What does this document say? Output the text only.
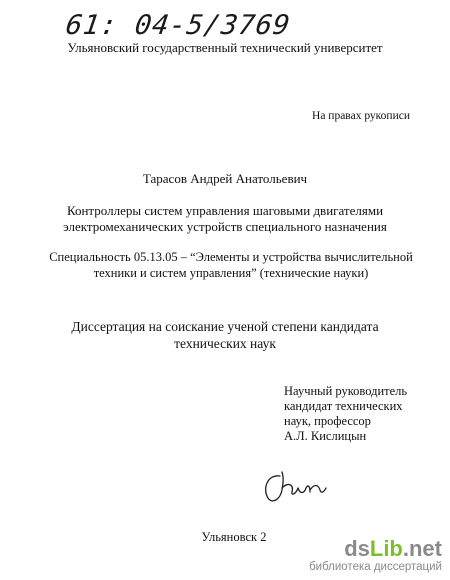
61: 04-5/3769
Ульяновский государственный технический университет
На правах рукописи
Тарасов Андрей Анатольевич
Контроллеры систем управления шаговыми двигателями
электромеханических устройств специального назначения
Специальность 05.13.05 – “Элементы и устройства вычислительной
техники и систем управления” (технические науки)
Диссертация на соискание ученой степени кандидата
технических наук
Научный руководитель
кандидат технических
наук, профессор
А.Л. Кислицын
Ульяновск 2	dsLib.net
библиотека диссертаций
